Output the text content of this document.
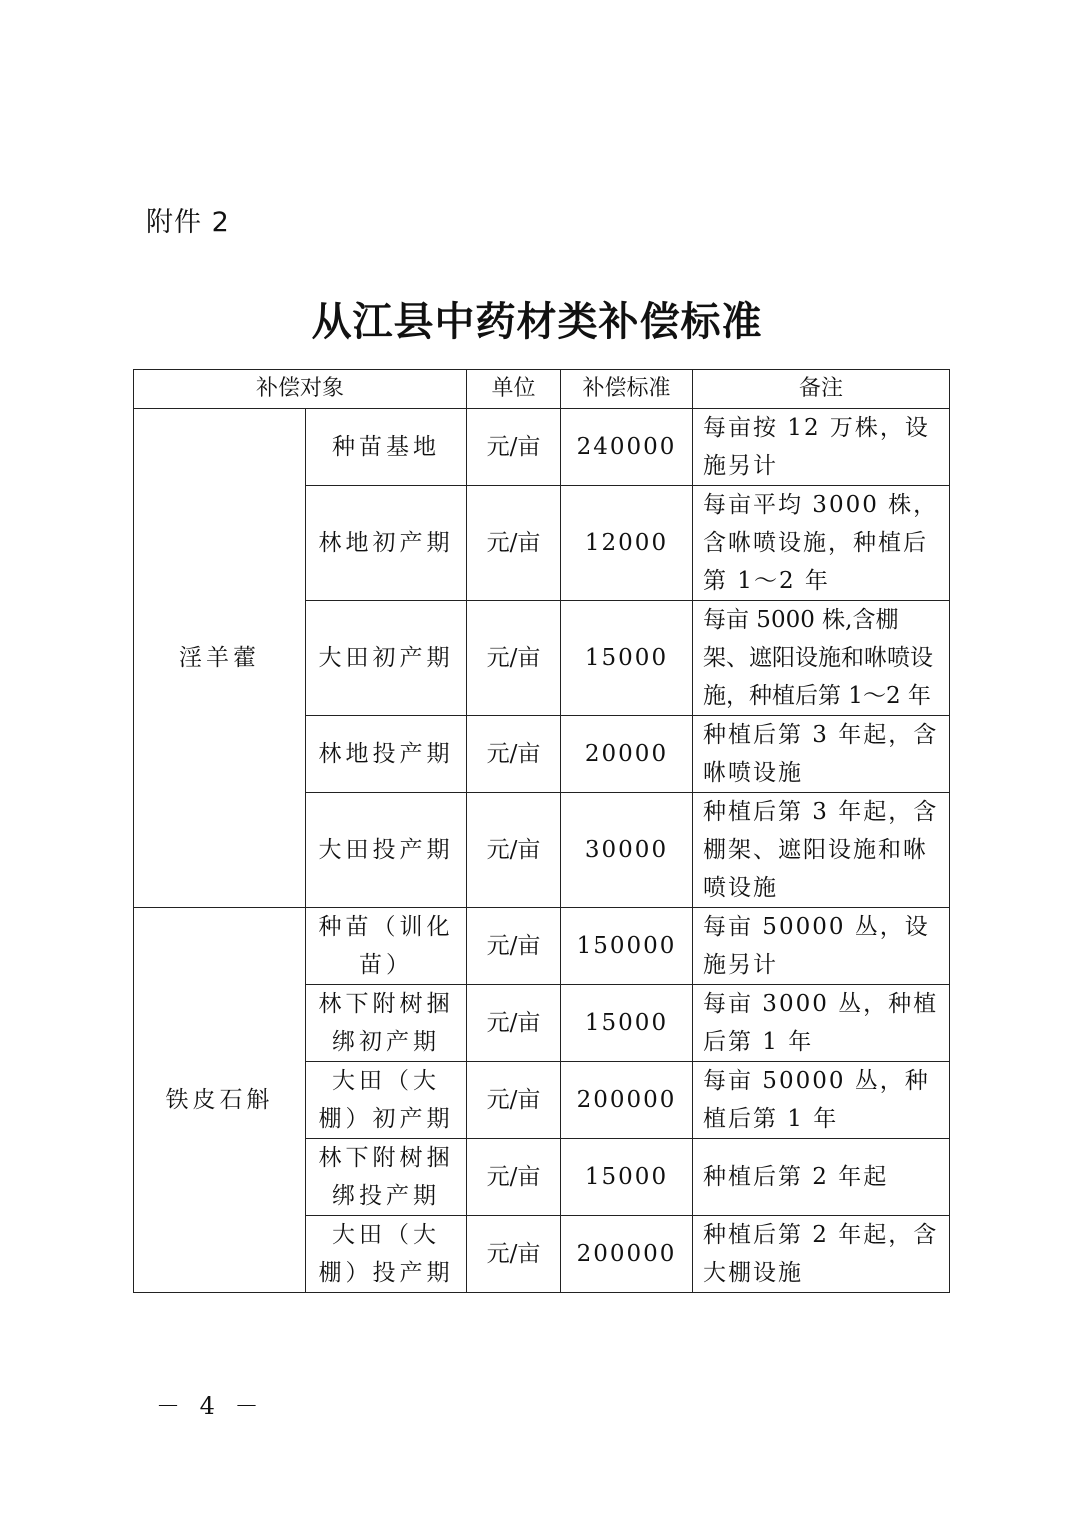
附件 2
从江县中药材类补偿标准
补偿对象		单位	补偿标准	备注
淫羊藿	种苗基地	元/亩	240000	每亩按 12 万株，设施另计
	林地初产期	元/亩	12000	每亩平均 3000 株，含咻喷设施，种植后第 1～2 年
	大田初产期	元/亩	15000	每亩 5000 株,含棚架、遮阳设施和咻喷设施，种植后第 1～2 年
	林地投产期	元/亩	20000	种植后第 3 年起，含咻喷设施
	大田投产期	元/亩	30000	种植后第 3 年起，含棚架、遮阳设施和咻喷设施
铁皮石斛	种苗（训化苗）	元/亩	150000	每亩 50000 丛，设施另计
	林下附树捆绑初产期	元/亩	15000	每亩 3000 丛，种植后第 1 年
	大田（大棚）初产期	元/亩	200000	每亩 50000 丛，种植后第 1 年
	林下附树捆绑投产期	元/亩	15000	种植后第 2 年起
	大田（大棚）投产期	元/亩	200000	种植后第 2 年起，含大棚设施
－ 4 －
